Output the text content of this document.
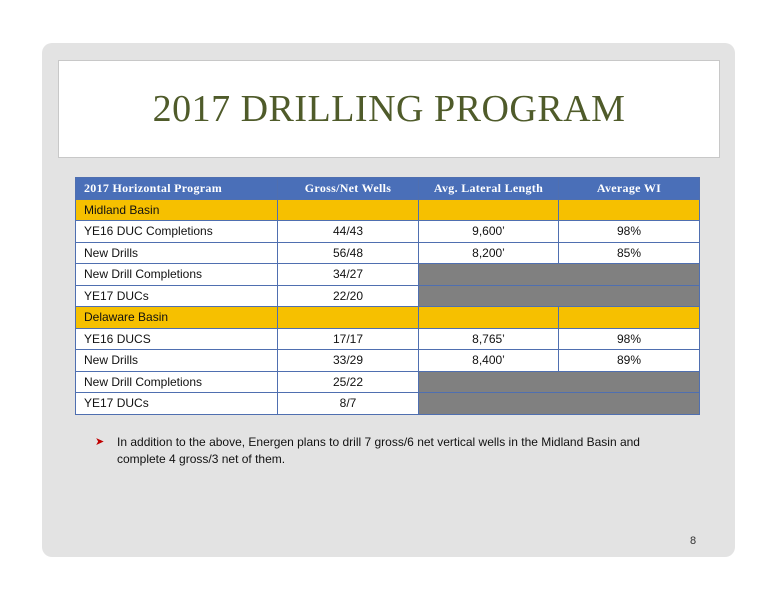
2017 DRILLING PROGRAM
2017 Horizontal Program	Gross/Net Wells	Avg. Lateral Length	Average WI
Midland Basin			
YE16 DUC Completions	44/43	9,600’	98%
New Drills	56/48	8,200’	85%
New Drill Completions	34/27		
YE17 DUCs	22/20		
Delaware Basin			
YE16 DUCS	17/17	8,765’	98%
New Drills	33/29	8,400’	89%
New Drill Completions	25/22		
YE17 DUCs	8/7		
➤	In addition to the above, Energen plans to drill 7 gross/6 net vertical wells in the Midland Basin and complete 4 gross/3 net of them.
8
